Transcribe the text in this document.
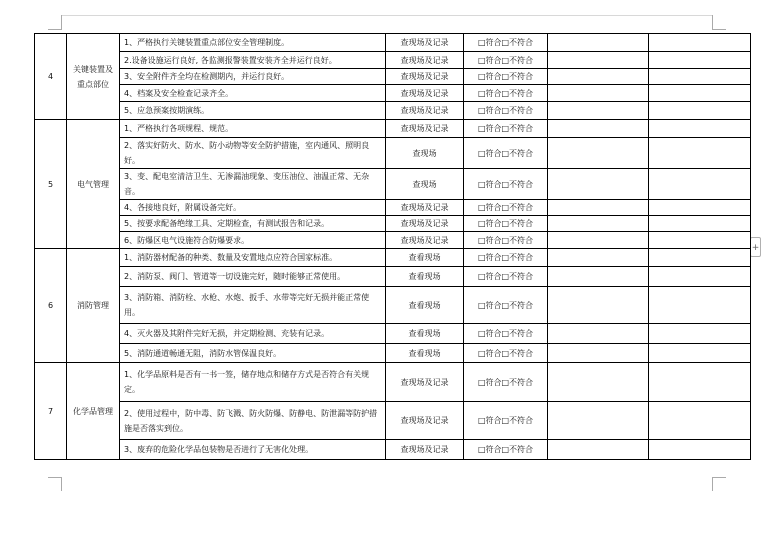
+
4	关键装置及重点部位	1、严格执行关键装置重点部位安全管理制度。	查现场及记录	□符合□不符合		
		2.设备设施运行良好, 各监测报警装置安装齐全并运行良好。	查现场及记录	□符合□不符合		
		3、安全附件齐全均在检测期内，并运行良好。	查现场及记录	□符合□不符合		
		4、档案及安全检查记录齐全。	查现场及记录	□符合□不符合		
		5、应急预案按期演练。	查现场及记录	□符合□不符合		
5	电气管理	1、严格执行各项规程、规范。	查现场及记录	□符合□不符合		
		2、落实好防火、防水、防小动物等安全防护措施，室内通风、照明良好。	查现场	□符合□不符合		
		3、变、配电室清洁卫生、无渗漏油现象、变压油位、油温正常、无杂音。	查现场	□符合□不符合		
		4、各接地良好，附属设备完好。	查现场及记录	□符合□不符合		
		5、按要求配备绝缘工具、定期检查，有测试报告和记录。	查现场及记录	□符合□不符合		
		6、防爆区电气设施符合防爆要求。	查现场及记录	□符合□不符合		
6	消防管理	1、消防器材配备的种类、数量及安置地点应符合国家标准。	查看现场	□符合□不符合		
		2、消防泵、阀门、管道等一切设施完好，随时能够正常使用。	查看现场	□符合□不符合		
		3、消防箱、消防栓、水枪、水炮、扳手、水带等完好无损并能正常使用。	查看现场	□符合□不符合		
		4、灭火器及其附件完好无损，并定期检测、充装有记录。	查看现场	□符合□不符合		
		5、消防通道畅通无阻，消防水管保温良好。	查看现场	□符合□不符合		
7	化学品管理	1、化学品原料是否有一书一签，储存地点和储存方式是否符合有关规定。	查现场及记录	□符合□不符合		
		2、使用过程中，防中毒、防飞溅、防火防爆、防静电、防泄漏等防护措施是否落实到位。	查现场及记录	□符合□不符合		
		3、废弃的危险化学品包装物是否进行了无害化处理。	查现场及记录	□符合□不符合		
